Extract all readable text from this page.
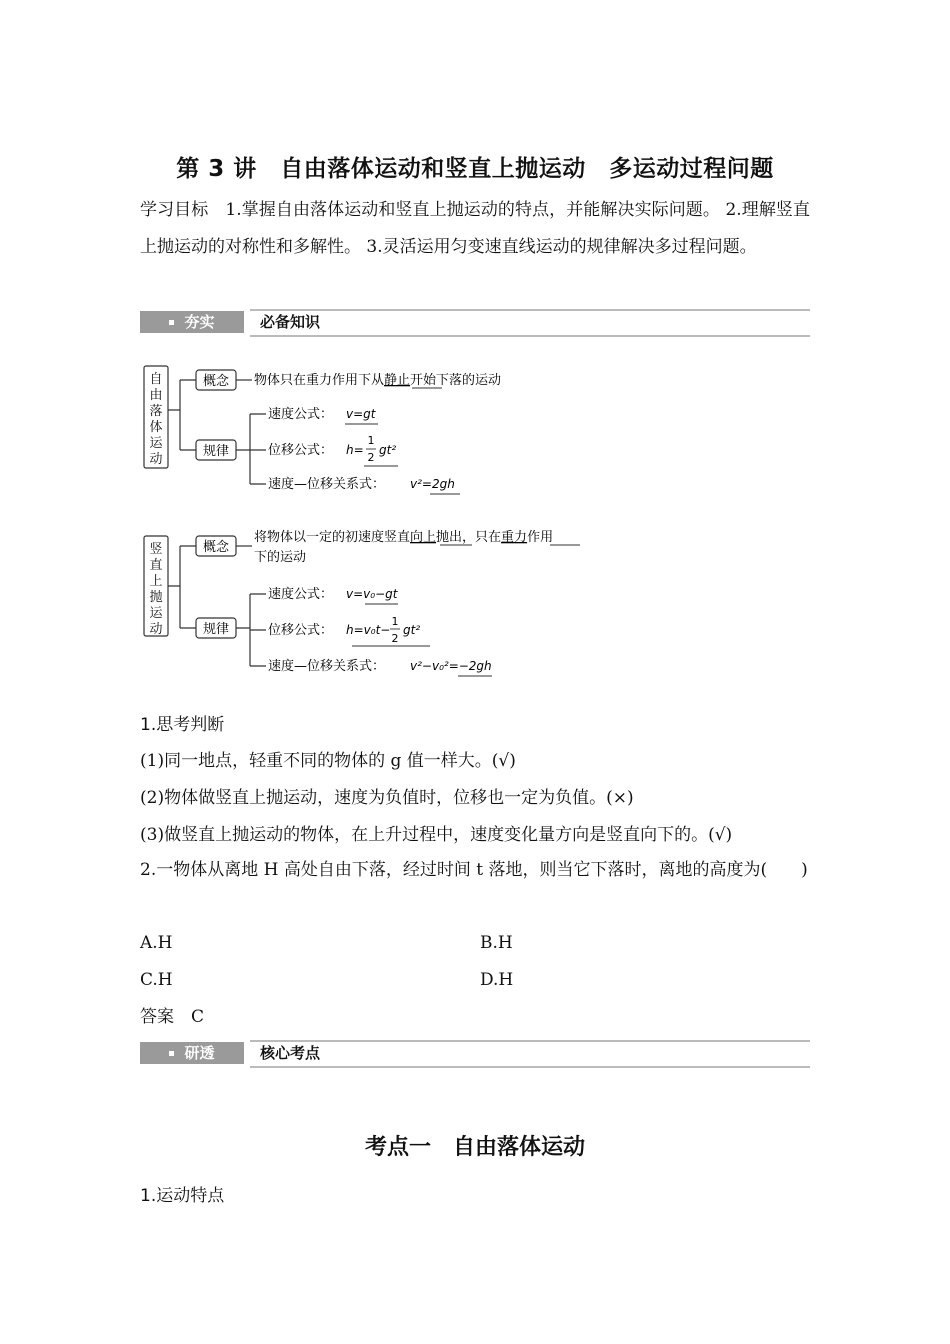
第 3 讲　自由落体运动和竖直上抛运动　多运动过程问题
学习目标　1.掌握自由落体运动和竖直上抛运动的特点，并能解决实际问题。 2.理解竖直上抛运动的对称性和多解性。 3.灵活运用匀变速直线运动的规律解决多过程问题。
夯实	必备知识
自
由
落
体
运
动
概念 物体只在重力作用下从静止开始下落的运动
规律
速度公式： v=gt
位移公式： h=
1
2
gt²
速度—位移关系式： v²=2gh
竖
直
上
抛
运
动
概念
将物体以一定的初速度竖直向上抛出，只在重力作用
下的运动
规律
速度公式： v=v₀−gt
位移公式： h=v₀t−
1
2
gt²
速度—位移关系式： v²−v₀²=−2gh
1.思考判断
(1)同一地点，轻重不同的物体的 g 值一样大。(√)
(2)物体做竖直上抛运动，速度为负值时，位移也一定为负值。(×)
(3)做竖直上抛运动的物体，在上升过程中，速度变化量方向是竖直向下的。(√)
2.一物体从离地 H 高处自由下落，经过时间 t 落地，则当它下落时，离地的高度为(　　)
A.H	B.H
C.H	D.H
答案　C
研透	核心考点
考点一　自由落体运动
1.运动特点
